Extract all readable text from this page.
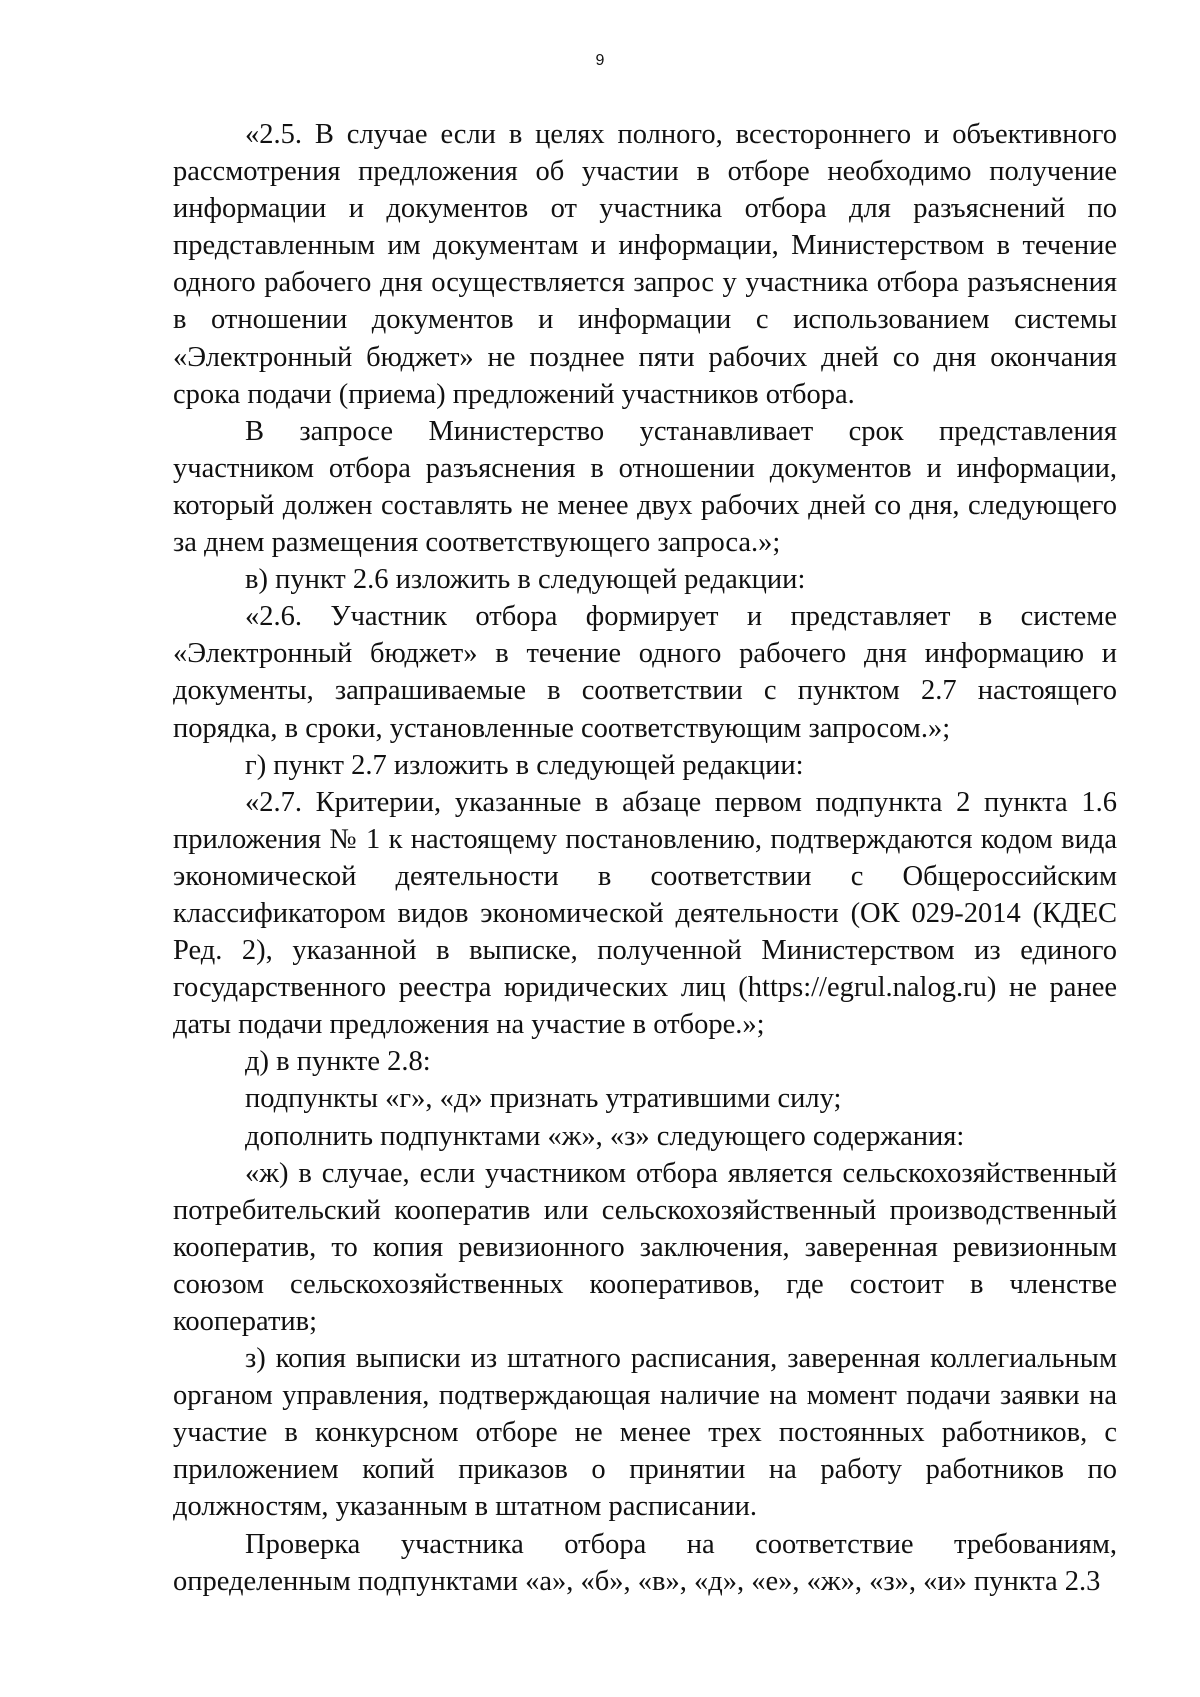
9

«2.5. В случае если в целях полного, всестороннего и объективного рассмотрения предложения об участии в отборе необходимо получение информации и документов от участника отбора для разъяснений по представленным им документам и информации, Министерством в течение одного рабочего дня осуществляется запрос у участника отбора разъяснения в отношении документов и информации с использованием системы «Электронный бюджет» не позднее пяти рабочих дней со дня окончания срока подачи (приема) предложений участников отбора.

В запросе Министерство устанавливает срок представления участником отбора разъяснения в отношении документов и информации, который должен составлять не менее двух рабочих дней со дня, следующего за днем размещения соответствующего запроса.»;

в) пункт 2.6 изложить в следующей редакции:

«2.6. Участник отбора формирует и представляет в системе «Электронный бюджет» в течение одного рабочего дня информацию и документы, запрашиваемые в соответствии с пунктом 2.7 настоящего порядка, в сроки, установленные соответствующим запросом.»;

г) пункт 2.7 изложить в следующей редакции:

«2.7. Критерии, указанные в абзаце первом подпункта 2 пункта 1.6 приложения № 1 к настоящему постановлению, подтверждаются кодом вида экономической деятельности в соответствии с Общероссийским классификатором видов экономической деятельности (ОК 029-2014 (КДЕС Ред. 2), указанной в выписке, полученной Министерством из единого государственного реестра юридических лиц (https://egrul.nalog.ru) не ранее даты подачи предложения на участие в отборе.»;

д) в пункте 2.8:

подпункты «г», «д» признать утратившими силу;

дополнить подпунктами «ж», «з» следующего содержания:

«ж) в случае, если участником отбора является сельскохозяйственный потребительский кооператив или сельскохозяйственный производственный кооператив, то копия ревизионного заключения, заверенная ревизионным союзом сельскохозяйственных кооперативов, где состоит в членстве кооператив;

з) копия выписки из штатного расписания, заверенная коллегиальным органом управления, подтверждающая наличие на момент подачи заявки на участие в конкурсном отборе не менее трех постоянных работников, с приложением копий приказов о принятии на работу работников по должностям, указанным в штатном расписании.

Проверка участника отбора на соответствие требованиям, определенным подпунктами «а», «б», «в», «д», «е», «ж», «з», «и» пункта 2.3
